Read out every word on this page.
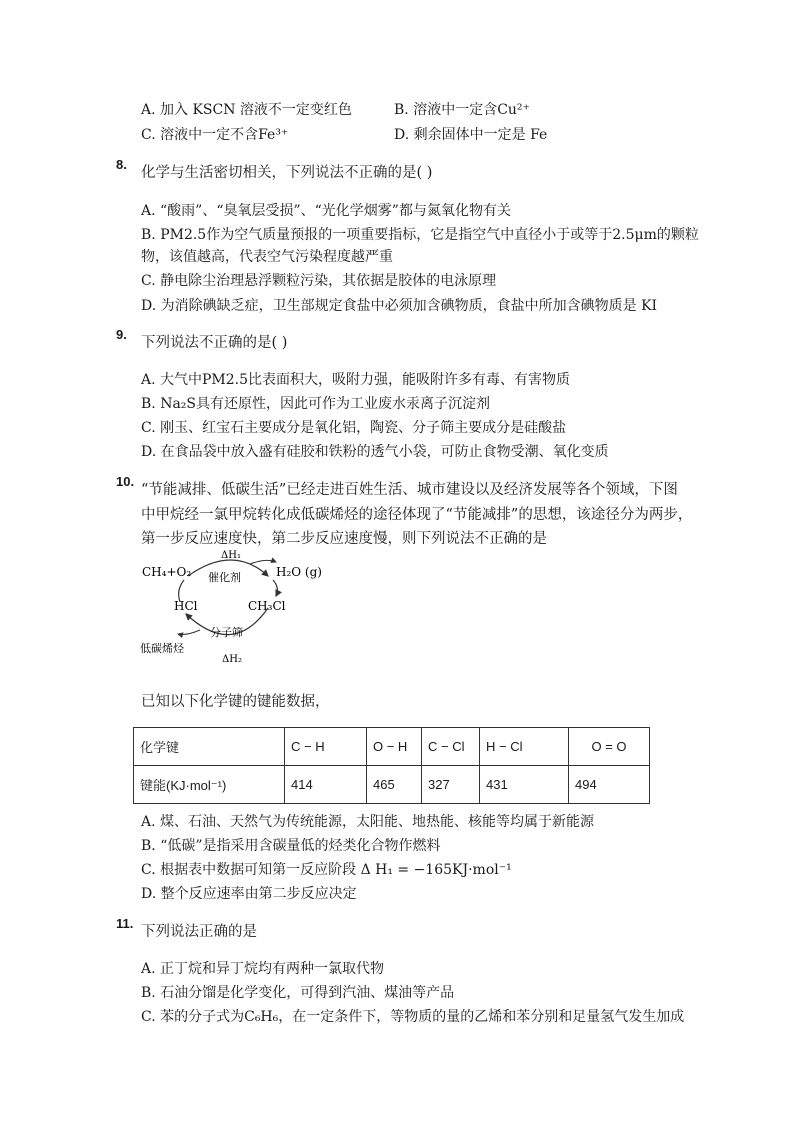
A. 加入 KSCN 溶液不一定变红色	B. 溶液中一定含Cu²⁺
C. 溶液中一定不含Fe³⁺	D. 剩余固体中一定是 Fe
8.
化学与生活密切相关，下列说法不正确的是( )
A. “酸雨”、“臭氧层受损”、“光化学烟雾”都与氮氧化物有关
B. PM2.5作为空气质量预报的一项重要指标，它是指空气中直径小于或等于2.5μm的颗粒
物，该值越高，代表空气污染程度越严重
C. 静电除尘治理悬浮颗粒污染，其依据是胶体的电泳原理
D. 为消除碘缺乏症，卫生部规定食盐中必须加含碘物质，食盐中所加含碘物质是 KI
9.
下列说法不正确的是( )
A. 大气中PM2.5比表面积大，吸附力强，能吸附许多有毒、有害物质
B. Na₂S具有还原性，因此可作为工业废水汞离子沉淀剂
C. 刚玉、红宝石主要成分是氧化铝，陶瓷、分子筛主要成分是硅酸盐
D. 在食品袋中放入盛有硅胶和铁粉的透气小袋，可防止食物受潮、氧化变质
10.
“节能减排、低碳生活”已经走进百姓生活、城市建设以及经济发展等各个领域，下图
中甲烷经一氯甲烷转化成低碳烯烃的途径体现了“节能减排”的思想，该途径分为两步，
第一步反应速度快，第二步反应速度慢，则下列说法不正确的是
ΔH₁
CH₄+O₂ 催化剂	H₂O (g)
HCl	CH₃Cl
分子筛
低碳烯烃
ΔH₂
已知以下化学键的键能数据，
化学键	C − H	O − H	C − Cl	H − Cl	O = O
键能(KJ·mol⁻¹)	414	465	327	431	494
A. 煤、石油、天然气为传统能源，太阳能、地热能、核能等均属于新能源
B. “低碳”是指采用含碳量低的烃类化合物作燃料
C. 根据表中数据可知第一反应阶段 Δ H₁ = −165KJ·mol⁻¹
D. 整个反应速率由第二步反应决定
11.
下列说法正确的是
A. 正丁烷和异丁烷均有两种一氯取代物
B. 石油分馏是化学变化，可得到汽油、煤油等产品
C. 苯的分子式为C₆H₆，在一定条件下，等物质的量的乙烯和苯分别和足量氢气发生加成
